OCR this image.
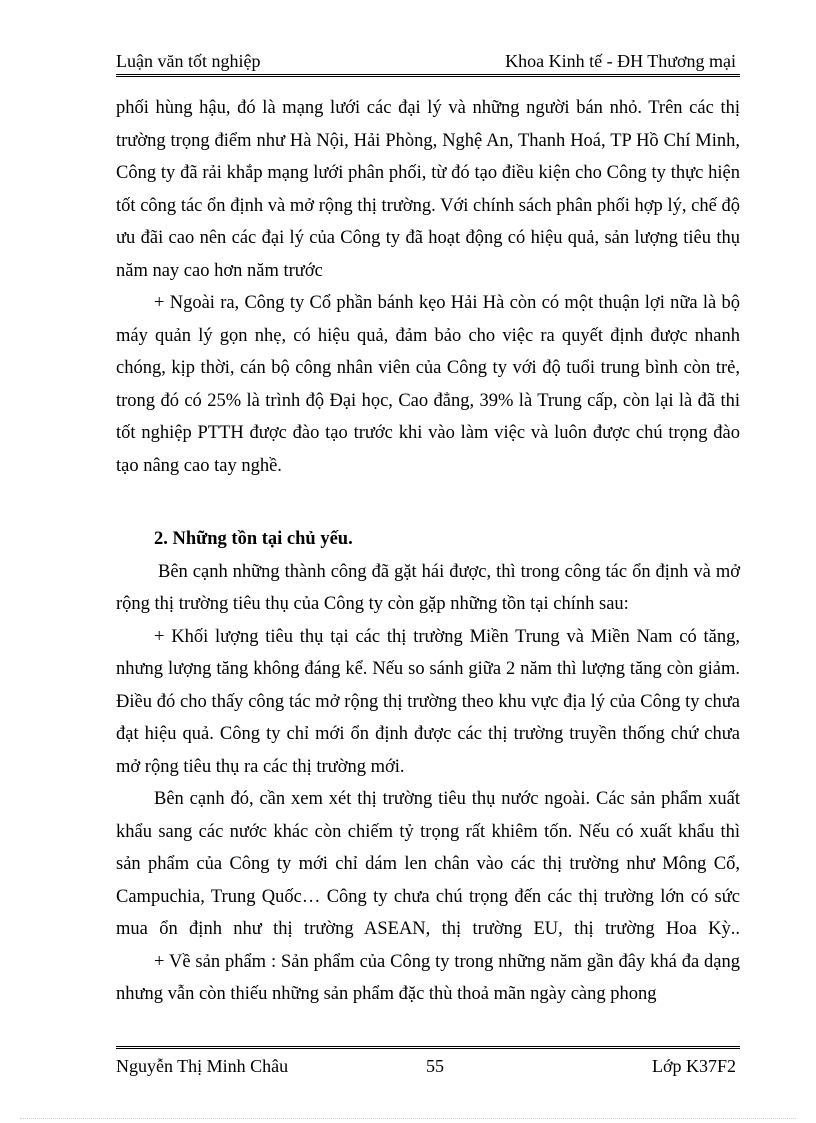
Luận văn tốt nghiệp	Khoa Kinh tế - ĐH Thương mại

phối hùng hậu, đó là mạng lưới các đại lý và những người bán nhỏ. Trên các thị trường trọng điểm như Hà Nội, Hải Phòng, Nghệ An, Thanh Hoá, TP Hồ Chí Minh, Công ty đã rải khắp mạng lưới phân phối, từ đó tạo điều kiện cho Công ty thực hiện tốt công tác ổn định và mở rộng thị trường. Với chính sách phân phối hợp lý, chế độ ưu đãi cao nên các đại lý của Công ty đã hoạt động có hiệu quả, sản lượng tiêu thụ năm nay cao hơn năm trước

+ Ngoài ra, Công ty Cổ phần bánh kẹo Hải Hà còn có một thuận lợi nữa là bộ máy quản lý gọn nhẹ, có hiệu quả, đảm bảo cho việc ra quyết định được nhanh chóng, kịp thời, cán bộ công nhân viên của Công ty với độ tuổi trung bình còn trẻ, trong đó có 25% là trình độ Đại học, Cao đẳng, 39% là Trung cấp, còn lại là đã thi tốt nghiệp PTTH được đào tạo trước khi vào làm việc và luôn được chú trọng đào tạo nâng cao tay nghề.

2. Những tồn tại chủ yếu.

Bên cạnh những thành công đã gặt hái được, thì trong công tác ổn định và mở rộng thị trường tiêu thụ của Công ty còn gặp những tồn tại chính sau:

+ Khối lượng tiêu thụ tại các thị trường Miền Trung và Miền Nam có tăng, nhưng lượng tăng không đáng kể. Nếu so sánh giữa 2 năm thì lượng tăng còn giảm. Điều đó cho thấy công tác mở rộng thị trường theo khu vực địa lý của Công ty chưa đạt hiệu quả. Công ty chỉ mới ổn định được các thị trường truyền thống chứ chưa mở rộng tiêu thụ ra các thị trường mới.

Bên cạnh đó, cần xem xét thị trường tiêu thụ nước ngoài. Các sản phẩm xuất khẩu sang các nước khác còn chiếm tỷ trọng rất khiêm tốn. Nếu có xuất khẩu thì sản phẩm của Công ty mới chỉ dám len chân vào các thị trường như Mông Cổ, Campuchia, Trung Quốc… Công ty chưa chú trọng đến các thị trường lớn có sức mua ổn định như thị trường ASEAN, thị trường EU, thị trường Hoa Kỳ..

+ Về sản phẩm : Sản phẩm của Công ty trong những năm gần đây khá đa dạng nhưng vẫn còn thiếu những sản phẩm đặc thù thoả mãn ngày càng phong

Nguyễn Thị Minh Châu	55	Lớp K37F2
